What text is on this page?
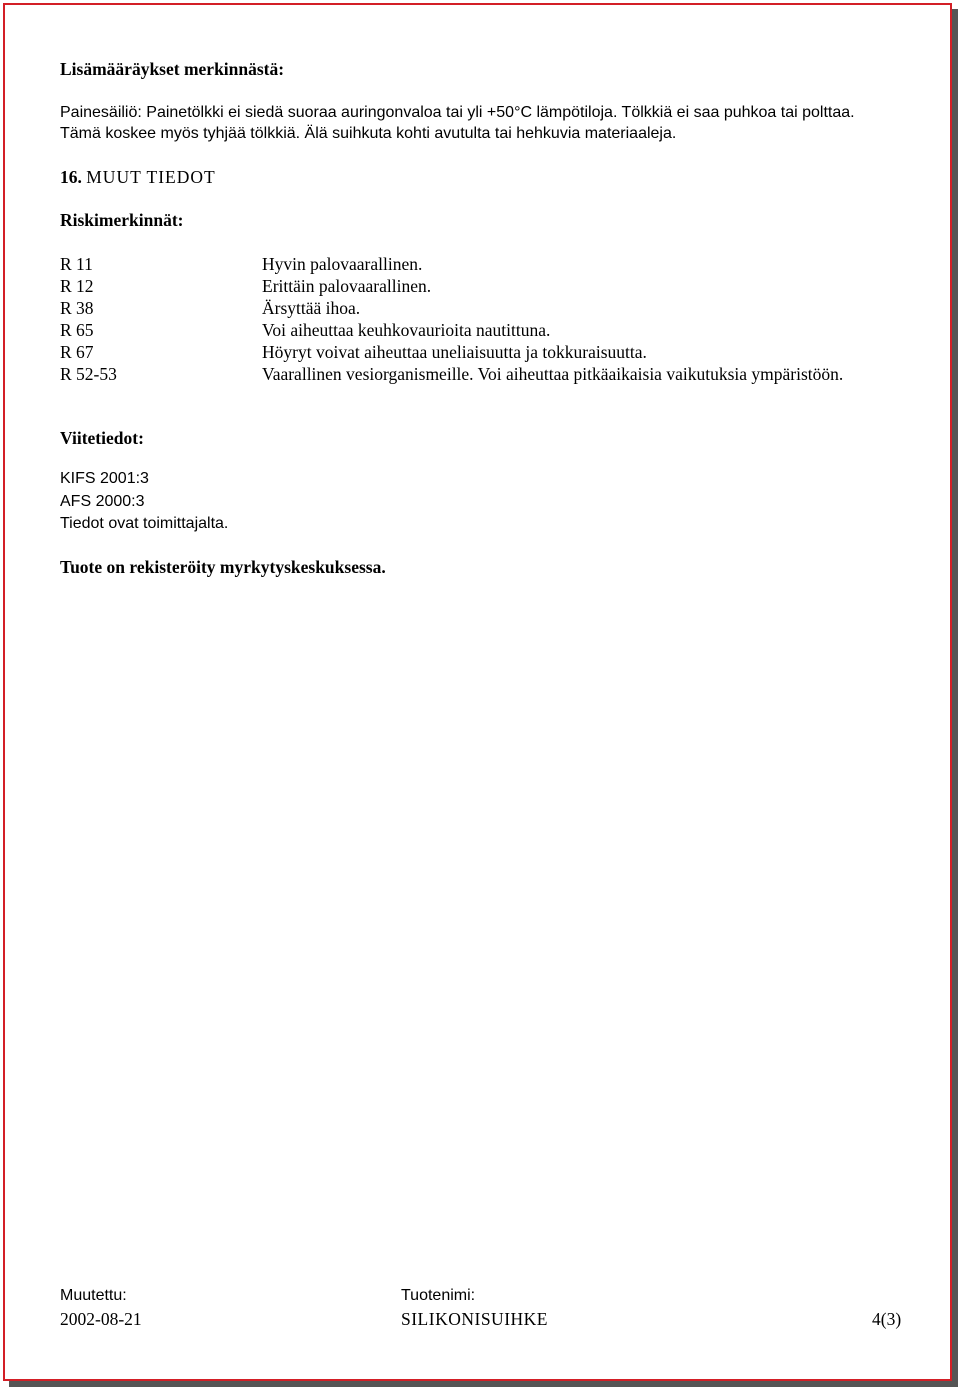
Lisämääräykset merkinnästä:
Painesäiliö: Painetölkki ei siedä suoraa auringonvaloa tai yli +50°C lämpötiloja. Tölkkiä ei saa puhkoa tai polttaa.
Tämä koskee myös tyhjää tölkkiä. Älä suihkuta kohti avutulta tai hehkuvia materiaaleja.
16. MUUT TIEDOT
Riskimerkinnät:
R 11	Hyvin palovaarallinen.
R 12	Erittäin palovaarallinen.
R 38	Ärsyttää ihoa.
R 65	Voi aiheuttaa keuhkovaurioita nautittuna.
R 67	Höyryt voivat aiheuttaa uneliaisuutta ja tokkuraisuutta.
R 52-53	Vaarallinen vesiorganismeille. Voi aiheuttaa pitkäaikaisia vaikutuksia ympäristöön.
Viitetiedot:
KIFS 2001:3
AFS 2000:3
Tiedot ovat toimittajalta.
Tuote on rekisteröity myrkytyskeskuksessa.
Muutettu:
2002-08-21
Tuotenimi:
SILIKONISUIHKE	4(3)
